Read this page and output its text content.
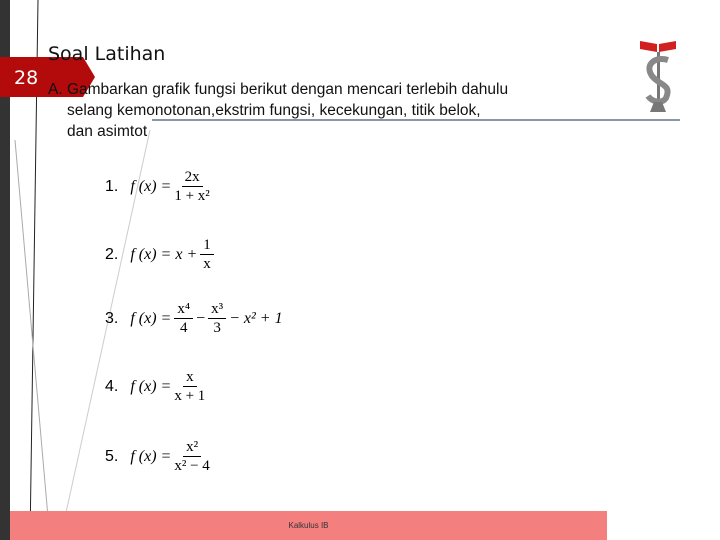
Soal Latihan
28
A. Gambarkan grafik fungsi berikut dengan mencari terlebih dahulu
selang kemonotonan,ekstrim fungsi, kecekungan, titik belok,
dan asimtot
1. f $(x) = \frac{2x}{\text{1 + x²}}$
2. f $(x) = x + \frac{1}{x}$
3. f $(x) = \frac{\text{x⁴}}{4} - \frac{\text{x³}}{3} - x^2 + 1$
4. f $(x) = \frac{x}{x + 1}$
5. f $(x) = \frac{\text{x²}}{\text{x² − 4}}$
Kalkulus IB
